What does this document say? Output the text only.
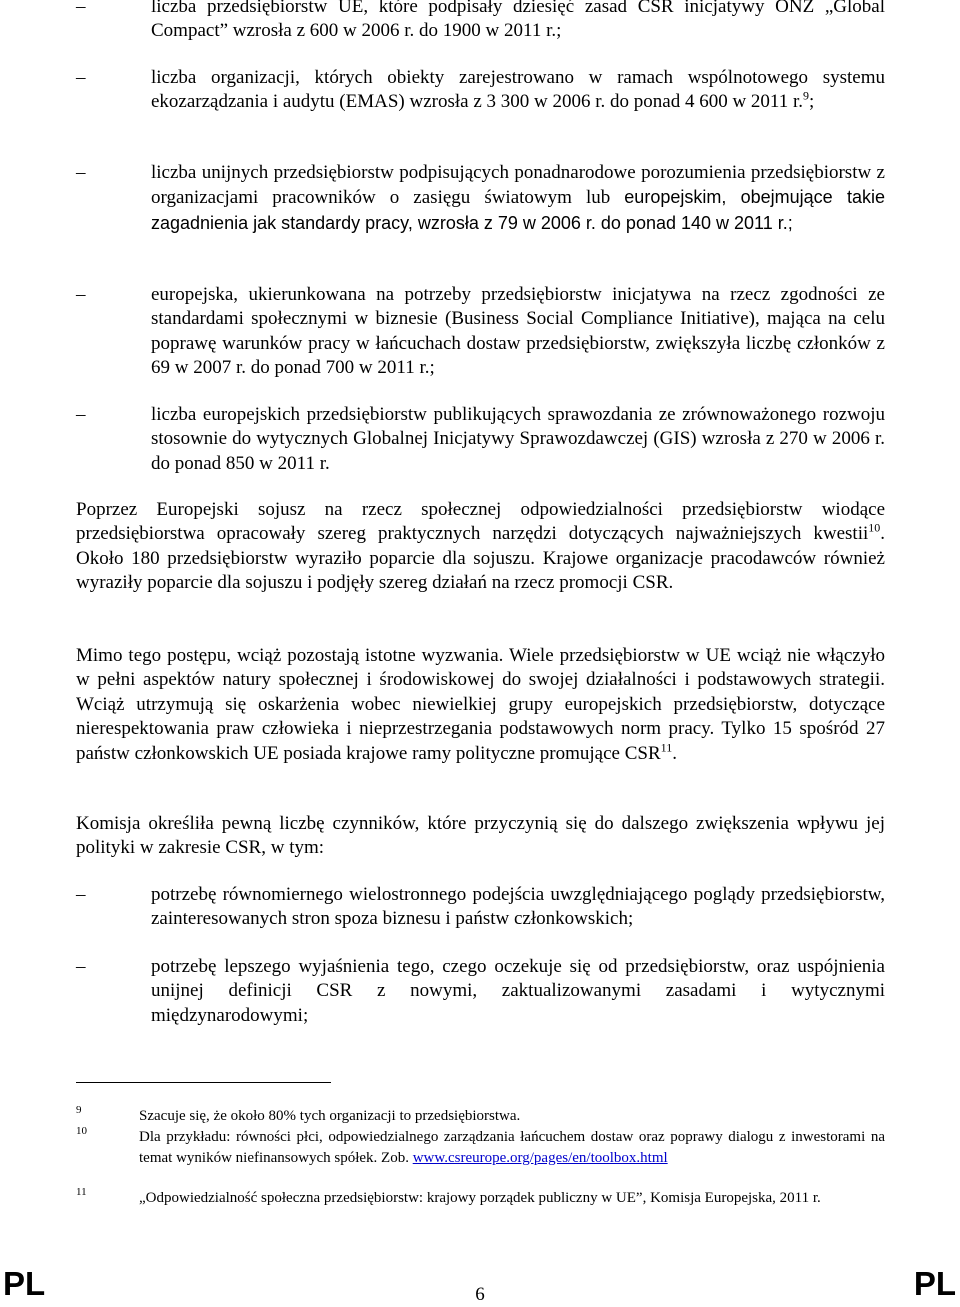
–	liczba przedsiębiorstw UE, które podpisały dziesięć zasad CSR inicjatywy ONZ „Global Compact” wzrosła z 600 w 2006 r. do 1900 w 2011 r.;
–	liczba organizacji, których obiekty zarejestrowano w ramach wspólnotowego systemu ekozarządzania i audytu (EMAS) wzrosła z 3 300 w 2006 r. do ponad 4 600 w 2011 r.$^9$;
–	liczba unijnych przedsiębiorstw podpisujących ponadnarodowe porozumienia przedsiębiorstw z organizacjami pracowników o zasięgu światowym lub europejskim, obejmujące takie zagadnienia jak standardy pracy, wzrosła z 79 w 2006 r. do ponad 140 w 2011 r.;
–	europejska, ukierunkowana na potrzeby przedsiębiorstw inicjatywa na rzecz zgodności ze standardami społecznymi w biznesie (Business Social Compliance Initiative), mająca na celu poprawę warunków pracy w łańcuchach dostaw przedsiębiorstw, zwiększyła liczbę członków z 69 w 2007 r. do ponad 700 w 2011 r.;
–	liczba europejskich przedsiębiorstw publikujących sprawozdania ze zrównoważonego rozwoju stosownie do wytycznych Globalnej Inicjatywy Sprawozdawczej (GIS) wzrosła z 270 w 2006 r. do ponad 850 w 2011 r.
Poprzez Europejski sojusz na rzecz społecznej odpowiedzialności przedsiębiorstw wiodące przedsiębiorstwa opracowały szereg praktycznych narzędzi dotyczących najważniejszych kwestii$^{10}$. Około 180 przedsiębiorstw wyraziło poparcie dla sojuszu. Krajowe organizacje pracodawców również wyraziły poparcie dla sojuszu i podjęły szereg działań na rzecz promocji CSR.
Mimo tego postępu, wciąż pozostają istotne wyzwania. Wiele przedsiębiorstw w UE wciąż nie włączyło w pełni aspektów natury społecznej i środowiskowej do swojej działalności i podstawowych strategii. Wciąż utrzymują się oskarżenia wobec niewielkiej grupy europejskich przedsiębiorstw, dotyczące nierespektowania praw człowieka i nieprzestrzegania podstawowych norm pracy. Tylko 15 spośród 27 państw członkowskich UE posiada krajowe ramy polityczne promujące CSR$^{11}$.
Komisja określiła pewną liczbę czynników, które przyczynią się do dalszego zwiększenia wpływu jej polityki w zakresie CSR, w tym:
–	potrzebę równomiernego wielostronnego podejścia uwzględniającego poglądy przedsiębiorstw, zainteresowanych stron spoza biznesu i państw członkowskich;
–	potrzebę lepszego wyjaśnienia tego, czego oczekuje się od przedsiębiorstw, oraz uspójnienia unijnej definicji CSR z nowymi, zaktualizowanymi zasadami i wytycznymi międzynarodowymi;
9	Szacuje się, że około 80% tych organizacji to przedsiębiorstwa.
10	Dla przykładu: równości płci, odpowiedzialnego zarządzania łańcuchem dostaw oraz poprawy dialogu z inwestorami na temat wyników niefinansowych spółek. Zob. www.csreurope.org/pages/en/toolbox.html
11	„Odpowiedzialność społeczna przedsiębiorstw: krajowy porządek publiczny w UE”, Komisja Europejska, 2011 r.
PL	6	PL
